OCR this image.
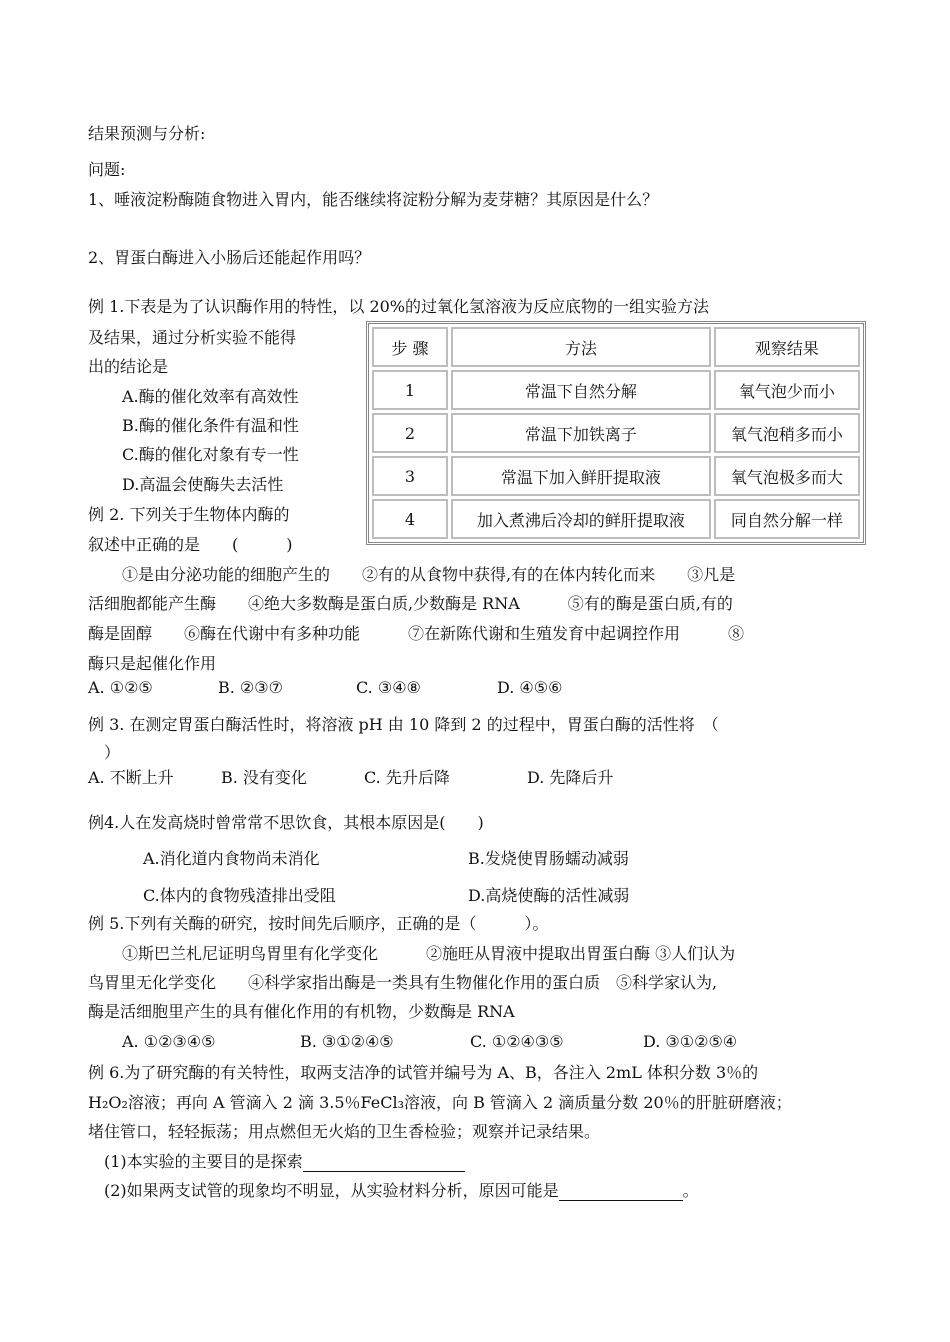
结果预测与分析:
问题:
1、唾液淀粉酶随食物进入胃内，能否继续将淀粉分解为麦芽糖？其原因是什么？
2、胃蛋白酶进入小肠后还能起作用吗？
例 1.下表是为了认识酶作用的特性，以 20%的过氧化氢溶液为反应底物的一组实验方法
及结果，通过分析实验不能得
出的结论是
A.酶的催化效率有高效性
B.酶的催化条件有温和性
C.酶的催化对象有专一性
D.高温会使酶失去活性
步 骤	方法	观察结果
1	常温下自然分解	氧气泡少而小
2	常温下加铁离子	氧气泡稍多而小
3	常温下加入鲜肝提取液	氧气泡极多而大
4	加入煮沸后冷却的鲜肝提取液	同自然分解一样
例 2. 下列关于生物体内酶的
叙述中正确的是　　(　　　)
①是由分泌功能的细胞产生的　　②有的从食物中获得,有的在体内转化而来　　③凡是
活细胞都能产生酶　　④绝大多数酶是蛋白质,少数酶是 RNA　　　⑤有的酶是蛋白质,有的
酶是固醇　　⑥酶在代谢中有多种功能　　　⑦在新陈代谢和生殖发育中起调控作用　　　⑧
酶只是起催化作用
A. ①②⑤	B. ②③⑦	C. ③④⑧	D. ④⑤⑥
例 3. 在测定胃蛋白酶活性时，将溶液 pH 由 10 降到 2 的过程中，胃蛋白酶的活性将　（
　）
A. 不断上升	B. 没有变化	C. 先升后降	D. 先降后升
例4.人在发高烧时曾常常不思饮食，其根本原因是(　　)
A.消化道内食物尚未消化	B.发烧使胃肠蠕动减弱
C.体内的食物残渣排出受阻	D.高烧使酶的活性减弱
例 5.下列有关酶的研究，按时间先后顺序，正确的是（　　　）。
①斯巴兰札尼证明鸟胃里有化学变化　　　②施旺从胃液中提取出胃蛋白酶 ③人们认为
鸟胃里无化学变化　　④科学家指出酶是一类具有生物催化作用的蛋白质　⑤科学家认为,
酶是活细胞里产生的具有催化作用的有机物，少数酶是 RNA
A. ①②③④⑤	B. ③①②④⑤	C. ①②④③⑤	D. ③①②⑤④
例 6.为了研究酶的有关特性，取两支洁净的试管并编号为 A、B，各注入 2mL 体积分数 3％的
H₂O₂溶液；再向 A 管滴入 2 滴 3.5％FeCl₃溶液，向 B 管滴入 2 滴质量分数 20％的肝脏研磨液；
堵住管口，轻轻振荡；用点燃但无火焰的卫生香检验；观察并记录结果。
(1)本实验的主要目的是探索
(2)如果两支试管的现象均不明显，从实验材料分析，原因可能是	。
